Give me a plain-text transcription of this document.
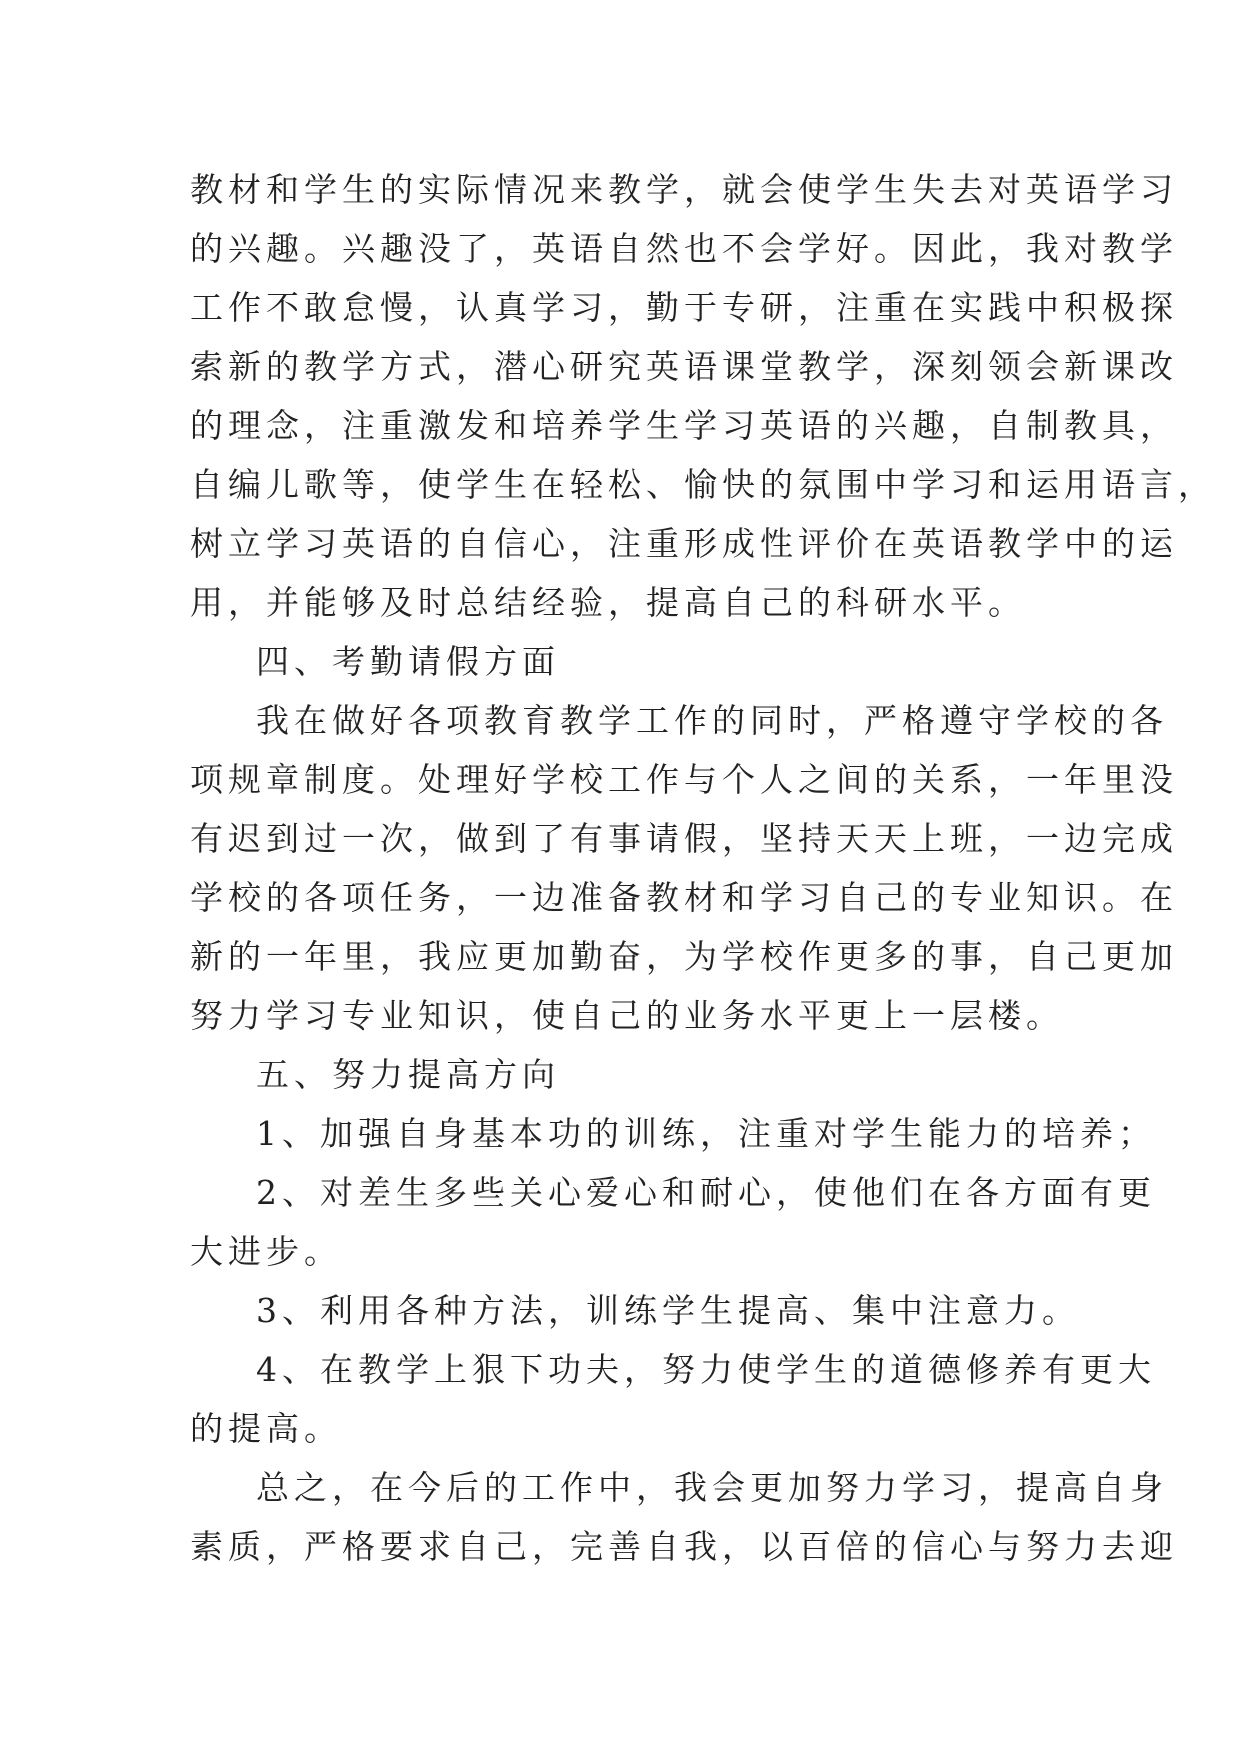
教材和学生的实际情况来教学，就会使学生失去对英语学习
的兴趣。兴趣没了，英语自然也不会学好。因此，我对教学
工作不敢怠慢，认真学习，勤于专研，注重在实践中积极探
索新的教学方式，潜心研究英语课堂教学，深刻领会新课改
的理念，注重激发和培养学生学习英语的兴趣，自制教具，
自编儿歌等，使学生在轻松、愉快的氛围中学习和运用语言，
树立学习英语的自信心，注重形成性评价在英语教学中的运
用，并能够及时总结经验，提高自己的科研水平。
四、考勤请假方面
我在做好各项教育教学工作的同时，严格遵守学校的各
项规章制度。处理好学校工作与个人之间的关系，一年里没
有迟到过一次，做到了有事请假，坚持天天上班，一边完成
学校的各项任务，一边准备教材和学习自己的专业知识。在
新的一年里，我应更加勤奋，为学校作更多的事，自己更加
努力学习专业知识，使自己的业务水平更上一层楼。
五、努力提高方向
1、加强自身基本功的训练，注重对学生能力的培养；
2、对差生多些关心爱心和耐心，使他们在各方面有更
大进步。
3、利用各种方法，训练学生提高、集中注意力。
4、在教学上狠下功夫，努力使学生的道德修养有更大
的提高。
总之，在今后的工作中，我会更加努力学习，提高自身
素质，严格要求自己，完善自我，以百倍的信心与努力去迎
